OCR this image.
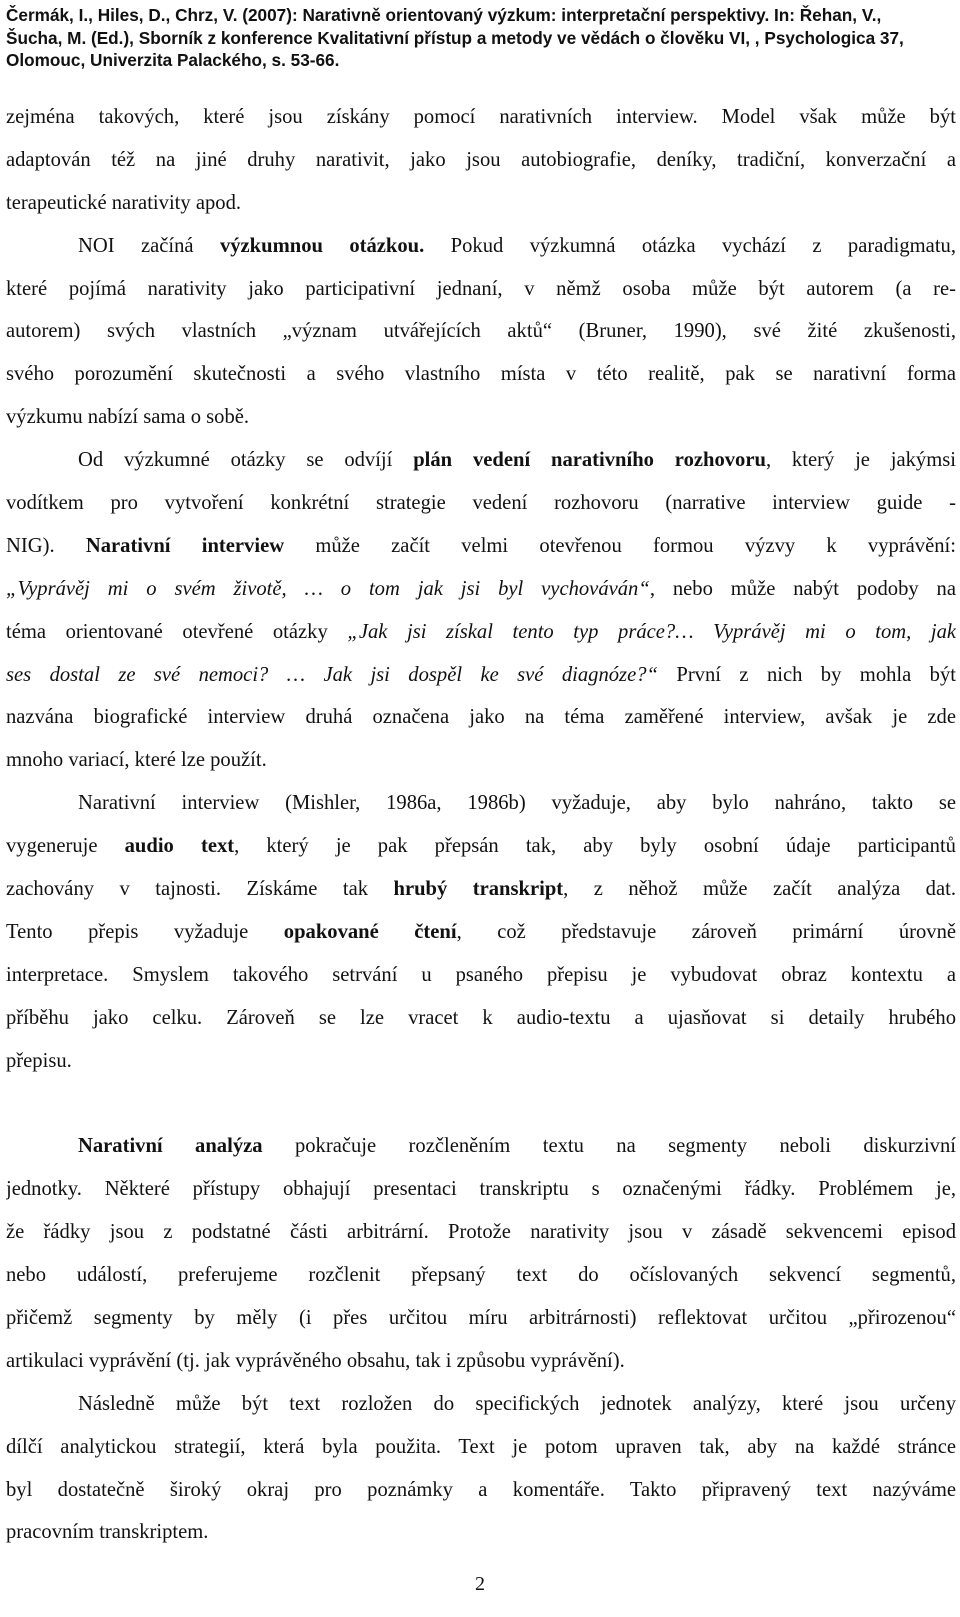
Čermák, I., Hiles, D., Chrz, V. (2007): Narativně orientovaný výzkum: interpretační perspektivy. In: Řehan, V.,
Šucha, M. (Ed.), Sborník z konference Kvalitativní přístup a metody ve vědách o člověku VI, , Psychologica 37,
Olomouc, Univerzita Palackého, s. 53-66.
zejména takových, které jsou získány pomocí narativních interview. Model však může být
adaptován též na jiné druhy narativit, jako jsou autobiografie, deníky, tradiční, konverzační a
terapeutické narativity apod.
NOI začíná výzkumnou otázkou. Pokud výzkumná otázka vychází z paradigmatu,
které pojímá narativity jako participativní jednaní, v němž osoba může být autorem (a re-
autorem) svých vlastních „význam utvářejících aktů“ (Bruner, 1990), své žité zkušenosti,
svého porozumění skutečnosti a svého vlastního místa v této realitě, pak se narativní forma
výzkumu nabízí sama o sobě.
Od výzkumné otázky se odvíjí plán vedení narativního rozhovoru, který je jakýmsi
vodítkem pro vytvoření konkrétní strategie vedení rozhovoru (narrative interview guide -
NIG). Narativní interview může začít velmi otevřenou formou výzvy k vyprávění:
„Vyprávěj mi o svém životě, … o tom jak jsi byl vychováván“, nebo může nabýt podoby na
téma orientované otevřené otázky „Jak jsi získal tento typ práce?… Vyprávěj mi o tom, jak
ses dostal ze své nemoci? … Jak jsi dospěl ke své diagnóze?“ První z nich by mohla být
nazvána biografické interview druhá označena jako na téma zaměřené interview, avšak je zde
mnoho variací, které lze použít.
Narativní interview (Mishler, 1986a, 1986b) vyžaduje, aby bylo nahráno, takto se
vygeneruje audio text, který je pak přepsán tak, aby byly osobní údaje participantů
zachovány v tajnosti. Získáme tak hrubý transkript, z něhož může začít analýza dat.
Tento přepis vyžaduje opakované čtení, což představuje zároveň primární úrovně
interpretace. Smyslem takového setrvání u psaného přepisu je vybudovat obraz kontextu a
příběhu jako celku. Zároveň se lze vracet k audio-textu a ujasňovat si detaily hrubého
přepisu.
Narativní analýza pokračuje rozčleněním textu na segmenty neboli diskurzivní
jednotky. Některé přístupy obhajují presentaci transkriptu s označenými řádky. Problémem je,
že řádky jsou z podstatné části arbitrární. Protože narativity jsou v zásadě sekvencemi episod
nebo událostí, preferujeme rozčlenit přepsaný text do očíslovaných sekvencí segmentů,
přičemž segmenty by měly (i přes určitou míru arbitrárnosti) reflektovat určitou „přirozenou“
artikulaci vyprávění (tj. jak vyprávěného obsahu, tak i způsobu vyprávění).
Následně může být text rozložen do specifických jednotek analýzy, které jsou určeny
dílčí analytickou strategií, která byla použita. Text je potom upraven tak, aby na každé stránce
byl dostatečně široký okraj pro poznámky a komentáře. Takto připravený text nazýváme
pracovním transkriptem.
2
